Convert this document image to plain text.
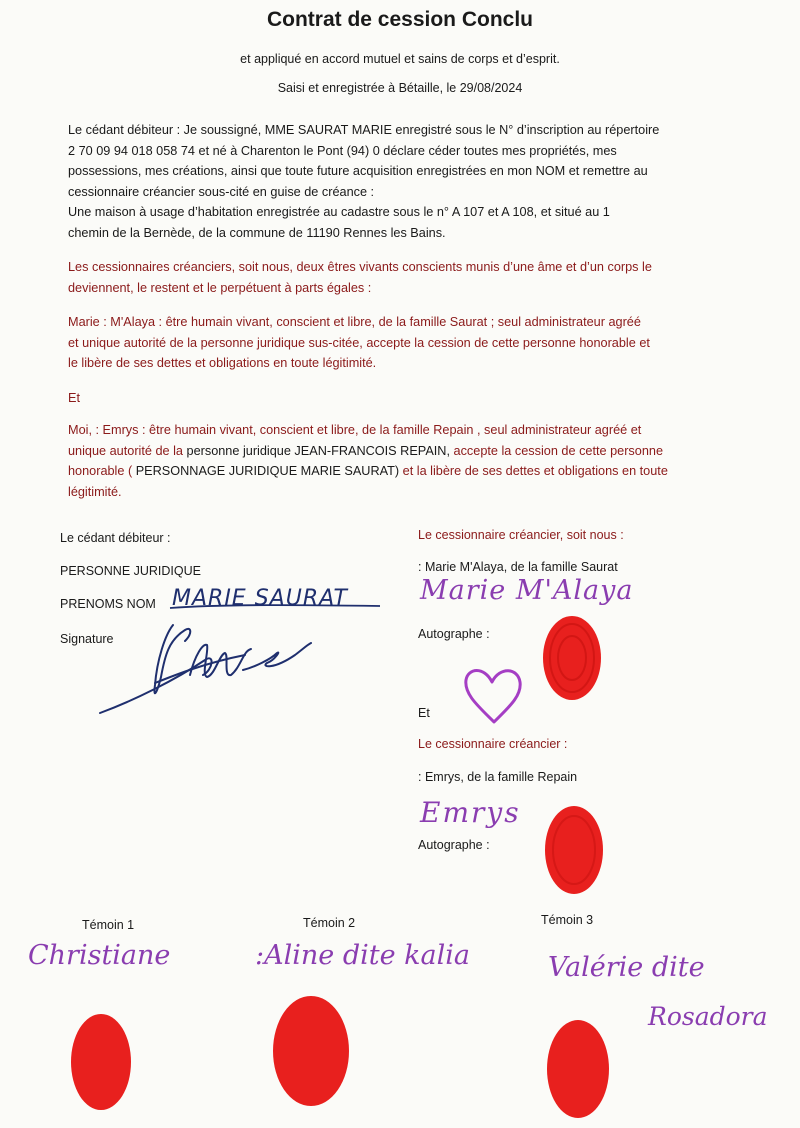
Contrat de cession Conclu
et appliqué en accord mutuel et sains de corps et d’esprit.
Saisi et enregistrée à Bétaille, le 29/08/2024
Le cédant débiteur : Je soussigné, MME SAURAT MARIE enregistré sous le N° d’inscription au répertoire
2 70 09 94 018 058 74 et né à Charenton le Pont (94) 0 déclare céder toutes mes propriétés, mes
possessions, mes créations, ainsi que toute future acquisition enregistrées en mon NOM et remettre au
cessionnaire créancier sous-cité en guise de créance :
Une maison à usage d’habitation enregistrée au cadastre sous le n° A 107 et A 108, et situé au 1
chemin de la Bernède, de la commune de 11190 Rennes les Bains.
Les cessionnaires créanciers, soit nous, deux êtres vivants conscients munis d’une âme et d’un corps le
deviennent, le restent et le perpétuent à parts égales :
Marie : M'Alaya : être humain vivant, conscient et libre, de la famille Saurat ; seul administrateur agréé
et unique autorité de la personne juridique sus-citée, accepte la cession de cette personne honorable et
le libère de ses dettes et obligations en toute légitimité.
Et
Moi, : Emrys : être humain vivant, conscient et libre, de la famille Repain , seul administrateur agréé et
unique autorité de la personne juridique JEAN-FRANCOIS REPAIN, accepte la cession de cette personne
honorable ( PERSONNAGE JURIDIQUE MARIE SAURAT) et la libère de ses dettes et obligations en toute
légitimité.
Le cédant débiteur :
PERSONNE JURIDIQUE
PRENOMS NOM MARIE SAURAT
Signature
Le cessionnaire créancier, soit nous :
: Marie M'Alaya, de la famille Saurat
Marie M'Alaya
Autographe :
Et
Le cessionnaire créancier :
: Emrys, de la famille Repain
Emrys
Autographe :
Témoin 1
Christiane
Témoin 2
:Aline dite kalia
Témoin 3
Valérie dite
Rosadora
